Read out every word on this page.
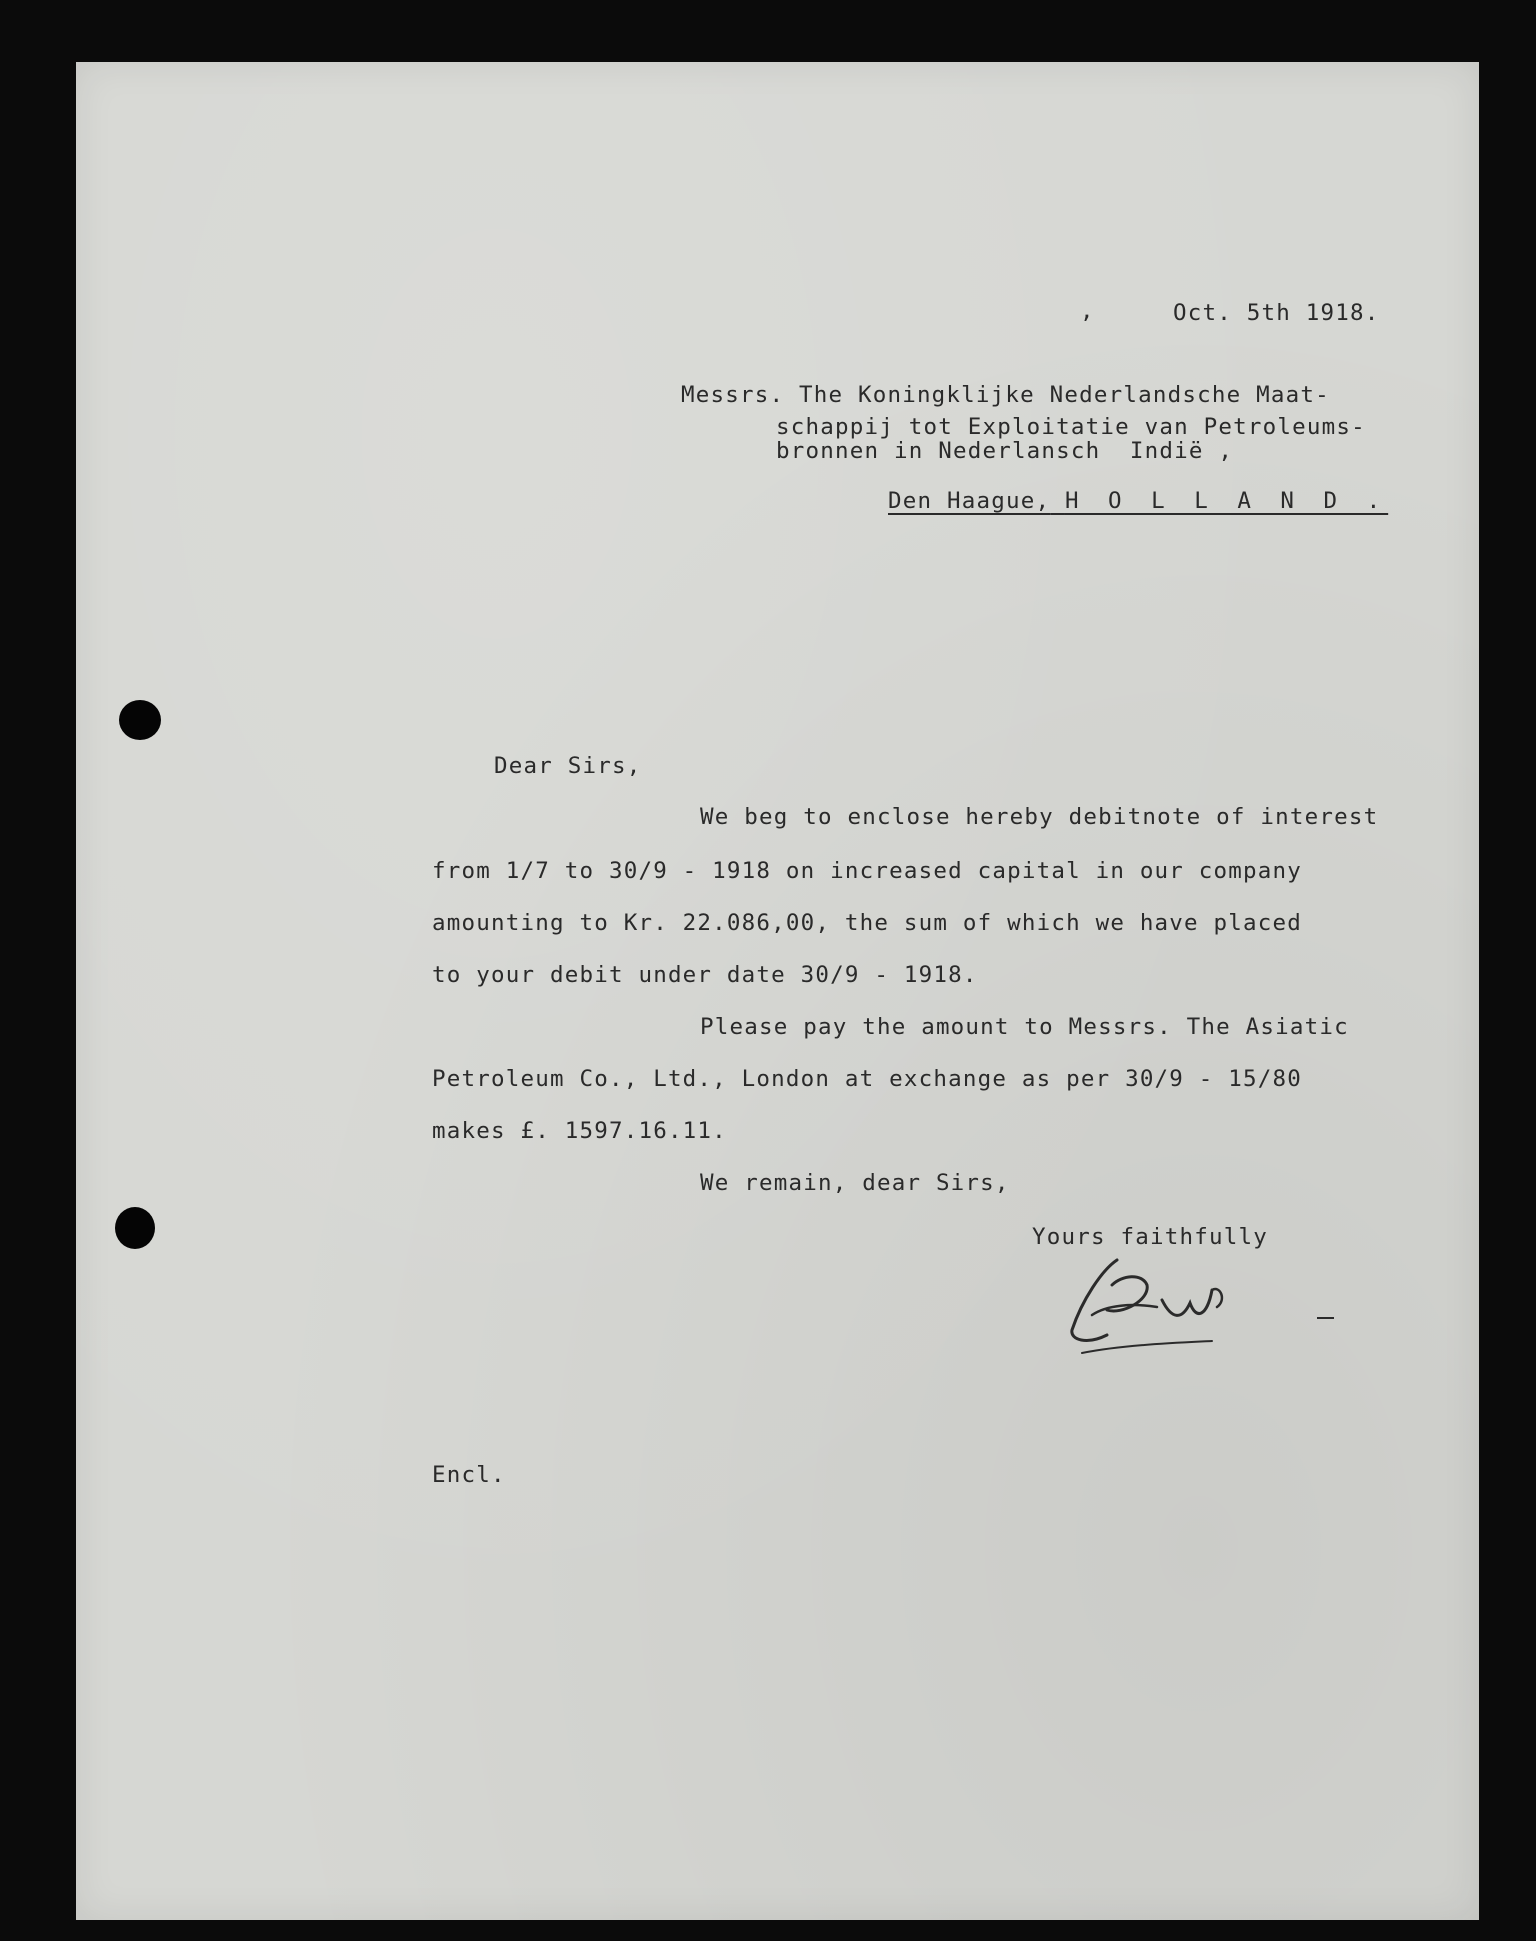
,	Oct. 5th 1918.
Messrs. The Koningklijke Nederlandsche Maat-
schappij tot Exploitatie van Petroleums-
bronnen in Nederlansch  Indië ,
Den Haague, H O L L A N D .
Dear Sirs,
We beg to enclose hereby debitnote of interest
from 1/7 to 30/9 - 1918 on increased capital in our company
amounting to Kr. 22.086,00, the sum of which we have placed
to your debit under date 30/9 - 1918.
Please pay the amount to Messrs. The Asiatic
Petroleum Co., Ltd., London at exchange as per 30/9 - 15/80
makes £. 1597.16.11.
We remain, dear Sirs,
Yours faithfully
Encl.
